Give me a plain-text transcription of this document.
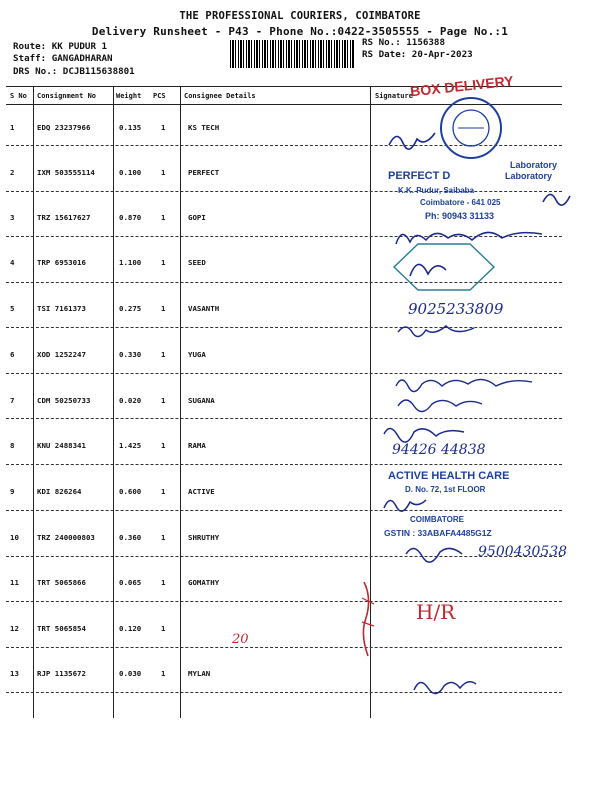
THE PROFESSIONAL COURIERS, COIMBATORE
Delivery Runsheet - P43 - Phone No.:0422-3505555 - Page No.:1
Route: KK PUDUR 1
Staff: GANGADHARAN
DRS No.: DCJB115638801
RS No.: 1156388
RS Date: 20-Apr-2023
S No Consignment No	Weight PCS	Consignee Details	Signature
1	EDQ 23237966	0.135	1	KS TECH
2	IXM 503555114	0.100	1	PERFECT
3	TRZ 15617627	0.870	1	GOPI
4	TRP 6953016	1.100	1	SEED
5	TSI 7161373	0.275	1	VASANTH
6	XOD 1252247	0.330	1	YUGA
7	CDM 50250733	0.020	1	SUGANA
8	KNU 2488341	1.425	1	RAMA
9	KDI 826264	0.600	1	ACTIVE
10 TRZ 240000803	0.360	1	SHRUTHY
11 TRT 5065866	0.065	1	GOMATHY
12 TRT 5065854	0.120	1
13 RJP 1135672	0.030	1	MYLAN
BOX DELIVERY
Laboratory
Laboratory
PERFECT D
K.K. Pudur, Saibaba
Coimbatore - 641 025
Ph: 90943 31133
9025233809
94426 44838
ACTIVE HEALTH CARE
D. No. 72, 1st FLOOR
COIMBATORE
GSTIN : 33ABAFA4485G1Z
9500430538
H/R
20
